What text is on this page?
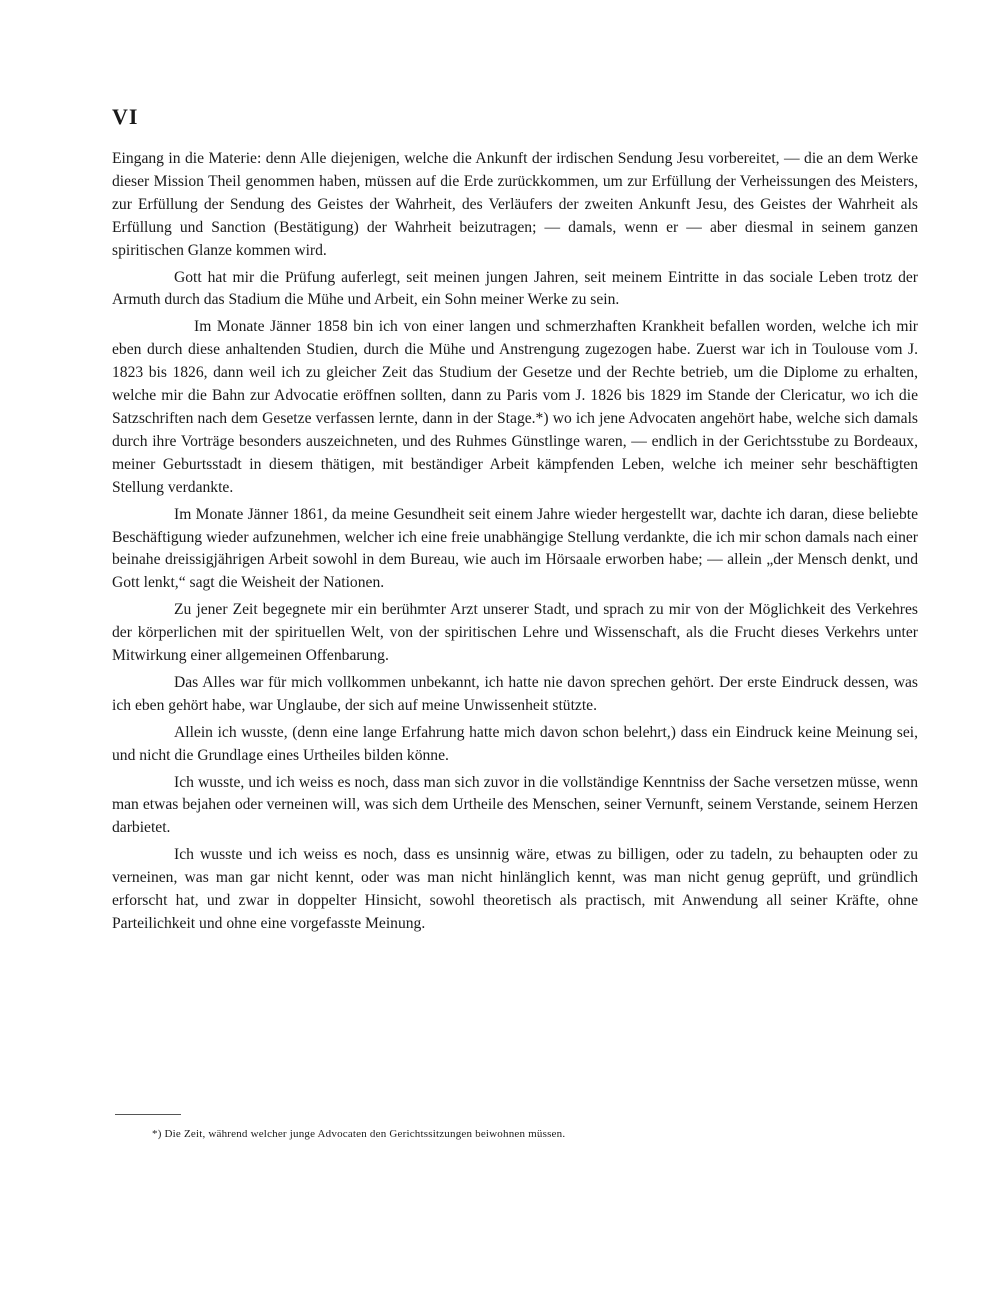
VI

Eingang in die Materie: denn Alle diejenigen, welche die Ankunft der irdischen Sendung Jesu vorbereitet, — die an dem Werke dieser Mission Theil genommen haben, müssen auf die Erde zurückkommen, um zur Erfüllung der Verheissungen des Meisters, zur Erfüllung der Sendung des Geistes der Wahrheit, des Verläufers der zweiten Ankunft Jesu, des Geistes der Wahrheit als Erfüllung und Sanction (Bestätigung) der Wahrheit beizutragen; — damals, wenn er — aber diesmal in seinem ganzen spiritischen Glanze kommen wird.

Gott hat mir die Prüfung auferlegt, seit meinen jungen Jahren, seit meinem Eintritte in das sociale Leben trotz der Armuth durch das Stadium die Mühe und Arbeit, ein Sohn meiner Werke zu sein.

Im Monate Jänner 1858 bin ich von einer langen und schmerzhaften Krankheit befallen worden, welche ich mir eben durch diese anhaltenden Studien, durch die Mühe und Anstrengung zugezogen habe. Zuerst war ich in Toulouse vom J. 1823 bis 1826, dann weil ich zu gleicher Zeit das Studium der Gesetze und der Rechte betrieb, um die Diplome zu erhalten, welche mir die Bahn zur Advocatie eröffnen sollten, dann zu Paris vom J. 1826 bis 1829 im Stande der Clericatur, wo ich die Satzschriften nach dem Gesetze verfassen lernte, dann in der Stage.*) wo ich jene Advocaten angehört habe, welche sich damals durch ihre Vorträge besonders auszeichneten, und des Ruhmes Günstlinge waren, — endlich in der Gerichtsstube zu Bordeaux, meiner Geburtsstadt in diesem thätigen, mit beständiger Arbeit kämpfenden Leben, welche ich meiner sehr beschäftigten Stellung verdankte.

Im Monate Jänner 1861, da meine Gesundheit seit einem Jahre wieder hergestellt war, dachte ich daran, diese beliebte Beschäftigung wieder aufzunehmen, welcher ich eine freie unabhängige Stellung verdankte, die ich mir schon damals nach einer beinahe dreissigjährigen Arbeit sowohl in dem Bureau, wie auch im Hörsaale erworben habe; — allein „der Mensch denkt, und Gott lenkt,“ sagt die Weisheit der Nationen.

Zu jener Zeit begegnete mir ein berühmter Arzt unserer Stadt, und sprach zu mir von der Möglichkeit des Verkehres der körperlichen mit der spirituellen Welt, von der spiritischen Lehre und Wissenschaft, als die Frucht dieses Verkehrs unter Mitwirkung einer allgemeinen Offenbarung.

Das Alles war für mich vollkommen unbekannt, ich hatte nie davon sprechen gehört. Der erste Eindruck dessen, was ich eben gehört habe, war Unglaube, der sich auf meine Unwissenheit stützte.

Allein ich wusste, (denn eine lange Erfahrung hatte mich davon schon belehrt,) dass ein Eindruck keine Meinung sei, und nicht die Grundlage eines Urtheiles bilden könne.

Ich wusste, und ich weiss es noch, dass man sich zuvor in die vollständige Kenntniss der Sache versetzen müsse, wenn man etwas bejahen oder verneinen will, was sich dem Urtheile des Menschen, seiner Vernunft, seinem Verstande, seinem Herzen darbietet.

Ich wusste und ich weiss es noch, dass es unsinnig wäre, etwas zu billigen, oder zu tadeln, zu behaupten oder zu verneinen, was man gar nicht kennt, oder was man nicht hinlänglich kennt, was man nicht genug geprüft, und gründlich erforscht hat, und zwar in doppelter Hinsicht, sowohl theoretisch als practisch, mit Anwendung all seiner Kräfte, ohne Parteilichkeit und ohne eine vorgefasste Meinung.

*) Die Zeit, während welcher junge Advocaten den Gerichtssitzungen beiwohnen müssen.
